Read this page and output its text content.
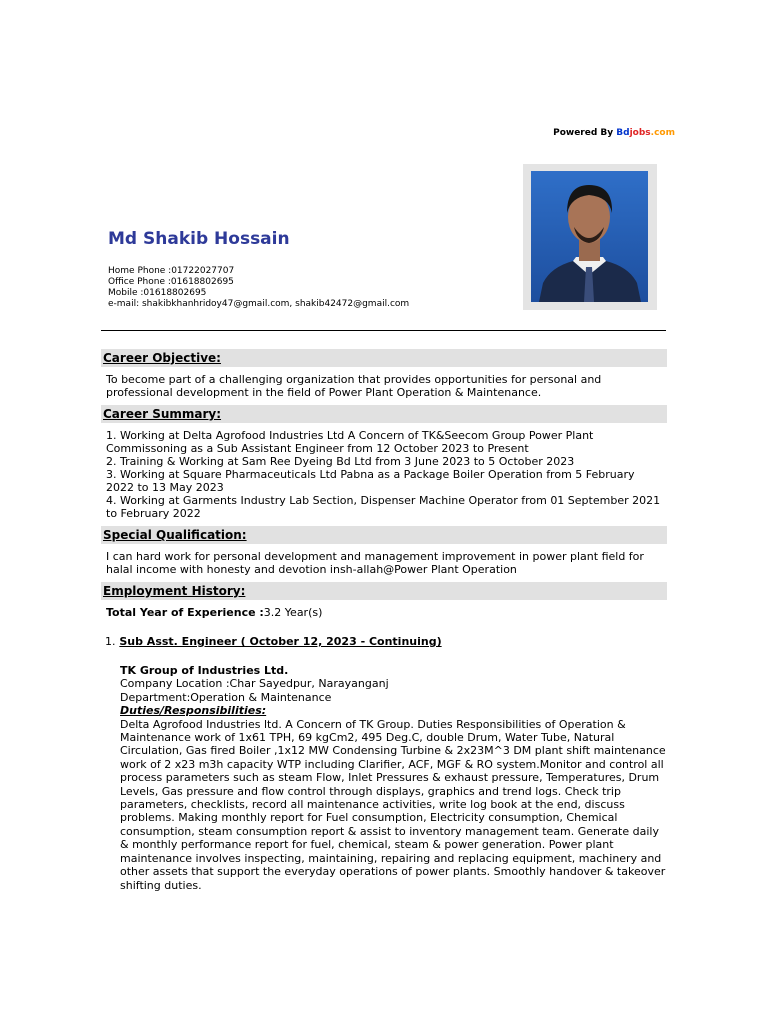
Powered By Bdjobs.com
Md Shakib Hossain
Home Phone :01722027707
Office Phone :01618802695
Mobile :01618802695
e-mail: shakibkhanhridoy47@gmail.com, shakib42472@gmail.com
Career Objective:

To become part of a challenging organization that provides opportunities for personal and professional development in the field of Power Plant Operation & Maintenance.

Career Summary:

1. Working at Delta Agrofood Industries Ltd A Concern of TK&Seecom Group Power Plant Commissoning as a Sub Assistant Engineer from 12 October 2023 to Present

2. Training & Working at Sam Ree Dyeing Bd Ltd from 3 June 2023 to 5 October 2023

3. Working at Square Pharmaceuticals Ltd Pabna as a Package Boiler Operation from 5 February 2022 to 13 May 2023

4. Working at Garments Industry Lab Section, Dispenser Machine Operator from 01 September 2021 to February 2022

Special Qualification:

I can hard work for personal development and management improvement in power plant field for halal income with honesty and devotion insh-allah@Power Plant Operation

Employment History:
Total Year of Experience :3.2 Year(s)
1. Sub Asst. Engineer ( October 12, 2023 - Continuing)
TK Group of Industries Ltd.
Company Location :Char Sayedpur, Narayanganj
Department:Operation & Maintenance
Duties/Responsibilities:
Delta Agrofood Industries ltd. A Concern of TK Group. Duties Responsibilities of Operation & Maintenance work of 1x61 TPH, 69 kgCm2, 495 Deg.C, double Drum, Water Tube, Natural Circulation, Gas fired Boiler ,1x12 MW Condensing Turbine & 2x23M^3 DM plant shift maintenance work of 2 x23 m3h capacity WTP including Clarifier, ACF, MGF & RO system.Monitor and control all process parameters such as steam Flow, Inlet Pressures & exhaust pressure, Temperatures, Drum Levels, Gas pressure and flow control through displays, graphics and trend logs. Check trip parameters, checklists, record all maintenance activities, write log book at the end, discuss problems. Making monthly report for Fuel consumption, Electricity consumption, Chemical consumption, steam consumption report & assist to inventory management team. Generate daily & monthly performance report for fuel, chemical, steam & power generation. Power plant maintenance involves inspecting, maintaining, repairing and replacing equipment, machinery and other assets that support the everyday operations of power plants. Smoothly handover & takeover shifting duties.
